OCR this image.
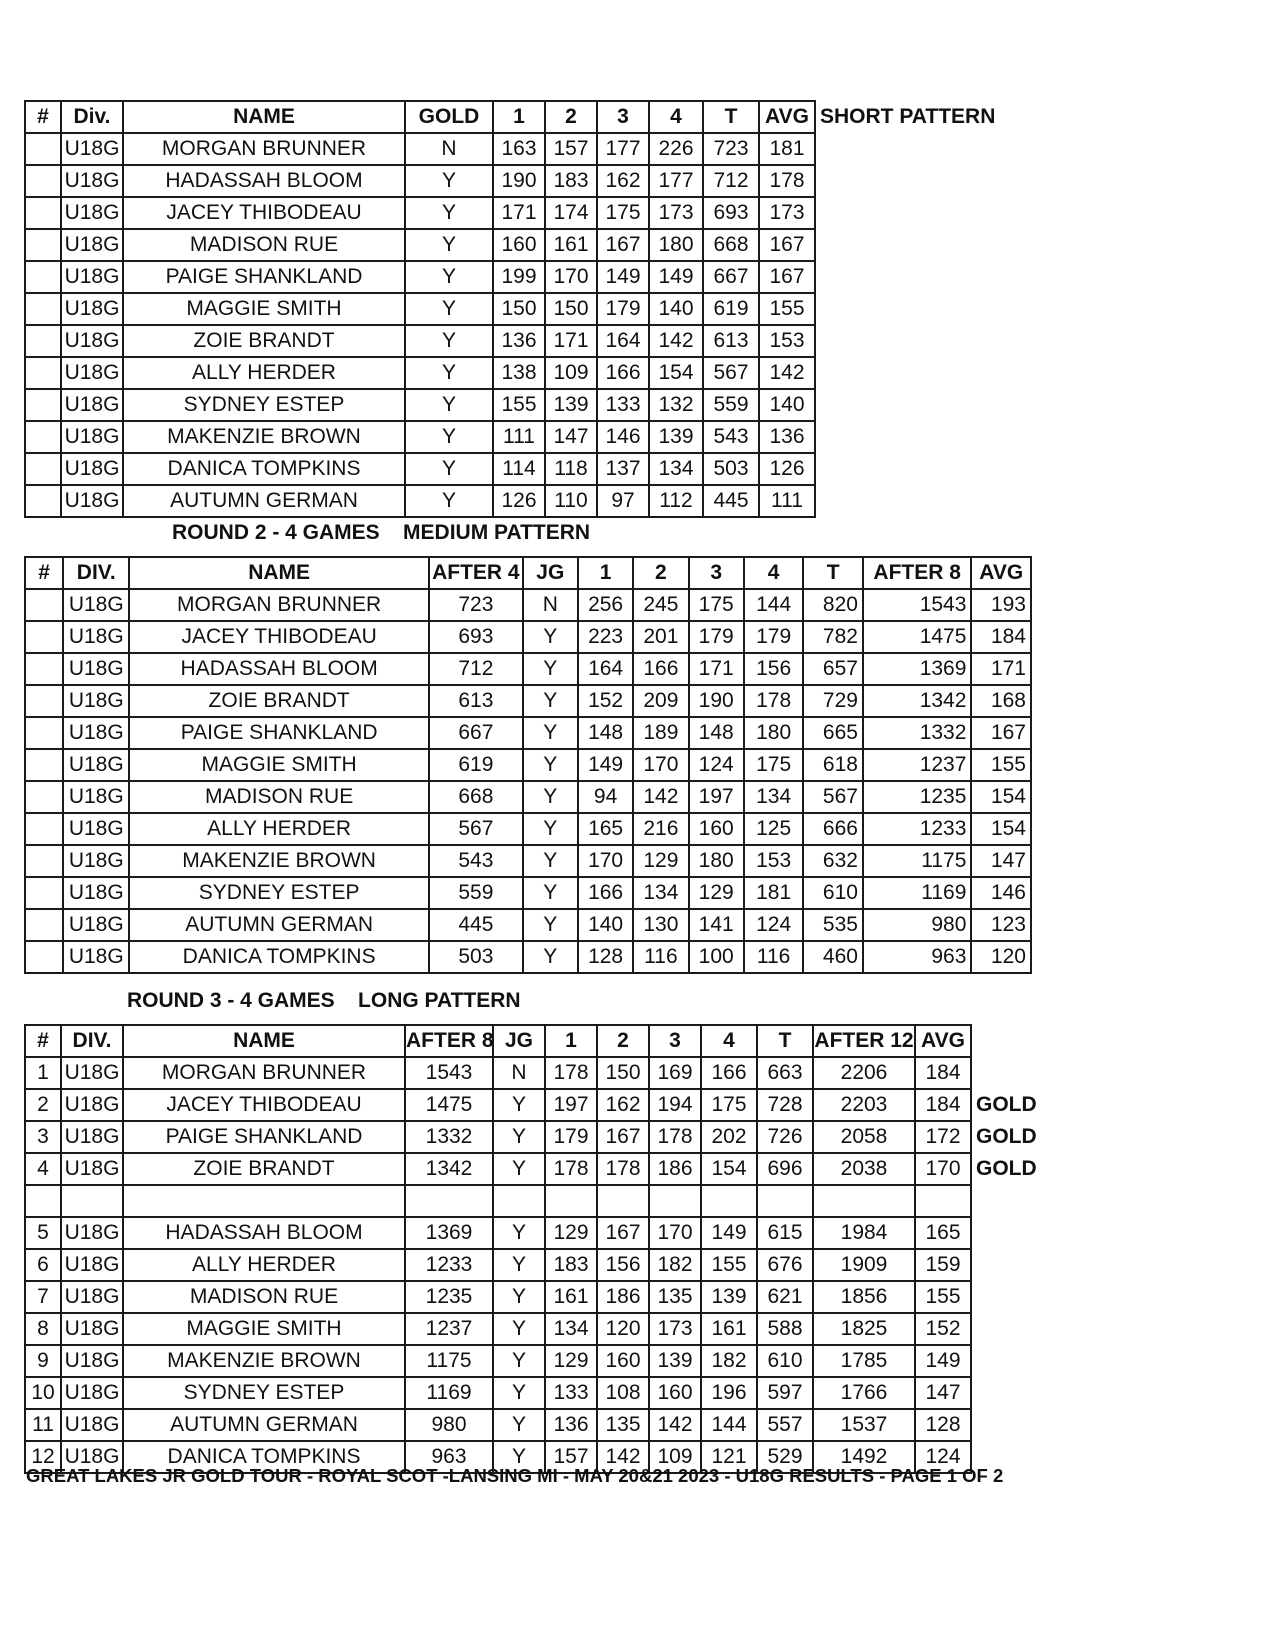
#	Div.	NAME	GOLD	1	2	3	4	T	AVG	SHORT PATTERN
	U18G	MORGAN BRUNNER	N	163	157	177	226	723	181	
	U18G	HADASSAH BLOOM	Y	190	183	162	177	712	178	
	U18G	JACEY THIBODEAU	Y	171	174	175	173	693	173	
	U18G	MADISON RUE	Y	160	161	167	180	668	167	
	U18G	PAIGE SHANKLAND	Y	199	170	149	149	667	167	
	U18G	MAGGIE SMITH	Y	150	150	179	140	619	155	
	U18G	ZOIE BRANDT	Y	136	171	164	142	613	153	
	U18G	ALLY HERDER	Y	138	109	166	154	567	142	
	U18G	SYDNEY ESTEP	Y	155	139	133	132	559	140	
	U18G	MAKENZIE BROWN	Y	111	147	146	139	543	136	
	U18G	DANICA TOMPKINS	Y	114	118	137	134	503	126	
	U18G	AUTUMN GERMAN	Y	126	110	97	112	445	111	
ROUND 2 - 4 GAMES    MEDIUM PATTERN
#	DIV.	NAME	AFTER 4	JG	1	2	3	4	T	AFTER 8	AVG
	U18G	MORGAN BRUNNER	723	N	256	245	175	144	820	1543	193
	U18G	JACEY THIBODEAU	693	Y	223	201	179	179	782	1475	184
	U18G	HADASSAH BLOOM	712	Y	164	166	171	156	657	1369	171
	U18G	ZOIE BRANDT	613	Y	152	209	190	178	729	1342	168
	U18G	PAIGE SHANKLAND	667	Y	148	189	148	180	665	1332	167
	U18G	MAGGIE SMITH	619	Y	149	170	124	175	618	1237	155
	U18G	MADISON RUE	668	Y	94	142	197	134	567	1235	154
	U18G	ALLY HERDER	567	Y	165	216	160	125	666	1233	154
	U18G	MAKENZIE BROWN	543	Y	170	129	180	153	632	1175	147
	U18G	SYDNEY ESTEP	559	Y	166	134	129	181	610	1169	146
	U18G	AUTUMN GERMAN	445	Y	140	130	141	124	535	980	123
	U18G	DANICA TOMPKINS	503	Y	128	116	100	116	460	963	120
ROUND 3 - 4 GAMES    LONG PATTERN
#	DIV.	NAME	AFTER 8	JG	1	2	3	4	T	AFTER 12	AVG	
1	U18G	MORGAN BRUNNER	1543	N	178	150	169	166	663	2206	184	
2	U18G	JACEY THIBODEAU	1475	Y	197	162	194	175	728	2203	184	GOLD
3	U18G	PAIGE SHANKLAND	1332	Y	179	167	178	202	726	2058	172	GOLD
4	U18G	ZOIE BRANDT	1342	Y	178	178	186	154	696	2038	170	GOLD

5	U18G	HADASSAH BLOOM	1369	Y	129	167	170	149	615	1984	165	
6	U18G	ALLY HERDER	1233	Y	183	156	182	155	676	1909	159	
7	U18G	MADISON RUE	1235	Y	161	186	135	139	621	1856	155	
8	U18G	MAGGIE SMITH	1237	Y	134	120	173	161	588	1825	152	
9	U18G	MAKENZIE BROWN	1175	Y	129	160	139	182	610	1785	149	
10	U18G	SYDNEY ESTEP	1169	Y	133	108	160	196	597	1766	147	
11	U18G	AUTUMN GERMAN	980	Y	136	135	142	144	557	1537	128	
12	U18G	DANICA TOMPKINS	963	Y	157	142	109	121	529	1492	124	
GREAT LAKES JR GOLD TOUR - ROYAL SCOT -LANSING MI - MAY 20&21 2023 - U18G RESULTS - PAGE 1 OF 2
